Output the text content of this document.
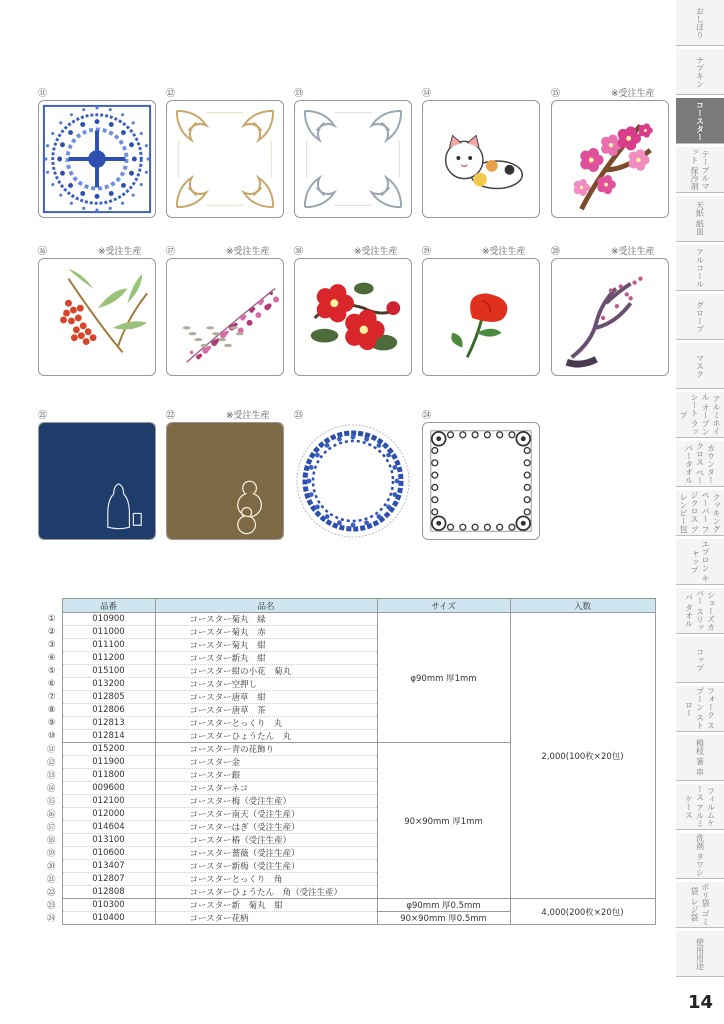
⑪	⑫	⑬	⑭	⑮	※受注生産
⑯	※受注生産	⑰	※受注生産	⑱	※受注生産	⑲	※受注生産	⑳	※受注生産
㉑	㉒	※受注生産	㉓	㉔
	品番	品名	サイズ	入数
①	010900	コースター菊丸　緑	φ90mm 厚1mm	2,000(100枚×20包)
②	011000	コースター菊丸　赤		
③	011100	コースター菊丸　紺		
④	011200	コースター新丸　紺		
⑤	015100	コースター紺の小花　菊丸		
⑥	013200	コースター空押し		
⑦	012805	コースター唐草　紺		
⑧	012806	コースター唐草　茶		
⑨	012813	コースターとっくり　丸		
⑩	012814	コースターひょうたん　丸		
⑪	015200	コースター青の花飾り	90×90mm 厚1mm	
⑫	011900	コースター金		
⑬	011800	コースター銀		
⑭	009600	コースターネコ		
⑮	012100	コースター梅（受注生産）		
⑯	012000	コースター南天（受注生産）		
⑰	014604	コースターはぎ（受注生産）		
⑱	013100	コースター椿（受注生産）		
⑲	010600	コースター薔薇（受注生産）		
⑳	013407	コースター新梅（受注生産）		
㉑	012807	コースターとっくり　角		
㉒	012808	コースターひょうたん　角（受注生産）		
㉓	010300	コースター新　菊丸　紺	φ90mm 厚0.5mm	4,000(200枚×20包)
㉔	010400	コースター花柄	90×90mm 厚0.5mm	
おしぼり
ナプキン
コースター
テーブルマット 保冷剤
天紙 紙皿
アルコール
グローブ
マスク
アルミホイル オーブンシート ラップ
カウンタークロス ペーパータオル
クッキングペーパー フジクロス ブレンビー包
エプロン キャップ
シューズカバー スリッパ タオル
コップ
フォーク スプーン ストロー
楊枝 箸 串
フィルムケース アルミケース
洗剤 タワシ
ポリ袋 ゴミ袋 レジ袋
使用用途
14
